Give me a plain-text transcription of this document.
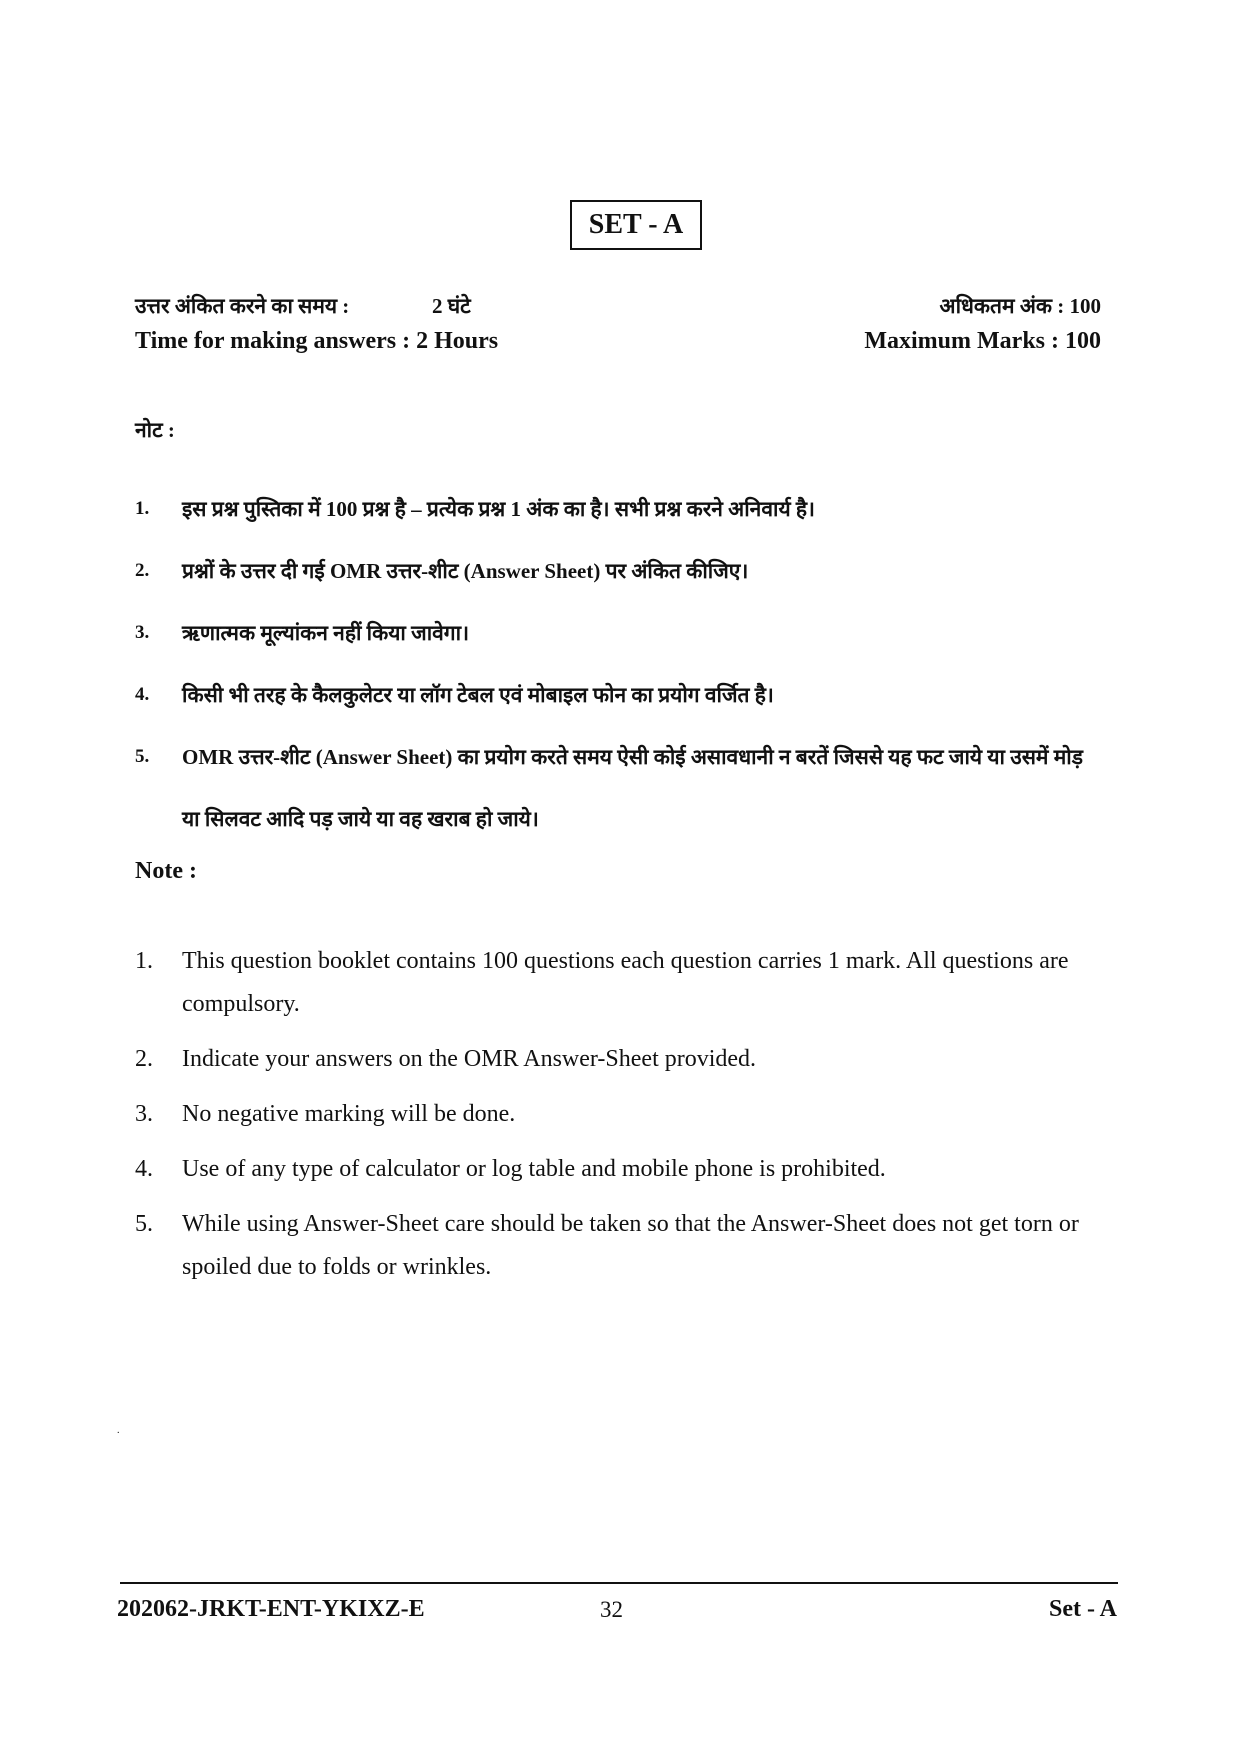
SET - A
उत्तर अंकित करने का समय :	2 घंटे	अधिकतम अंक : 100
Time for making answers : 2 Hours	Maximum Marks : 100
नोट :
1. इस प्रश्न पुस्तिका में 100 प्रश्न है – प्रत्येक प्रश्न 1 अंक का है। सभी प्रश्न करने अनिवार्य है।
2. प्रश्नों के उत्तर दी गई OMR उत्तर-शीट (Answer Sheet) पर अंकित कीजिए।
3. ऋणात्मक मूल्यांकन नहीं किया जावेगा।
4. किसी भी तरह के कैलकुलेटर या लॉग टेबल एवं मोबाइल फोन का प्रयोग वर्जित है।
5. OMR उत्तर-शीट (Answer Sheet) का प्रयोग करते समय ऐसी कोई असावधानी न बरतें जिससे यह फट जाये या उसमें मोड़ या सिलवट आदि पड़ जाये या वह खराब हो जाये।
Note :
1. This question booklet contains 100 questions each question carries 1 mark. All questions are compulsory.
2. Indicate your answers on the OMR Answer-Sheet provided.
3. No negative marking will be done.
4. Use of any type of calculator or log table and mobile phone is prohibited.
5. While using Answer-Sheet care should be taken so that the Answer-Sheet does not get torn or spoiled due to folds or wrinkles.
.
202062-JRKT-ENT-YKIXZ-E	32	Set - A
